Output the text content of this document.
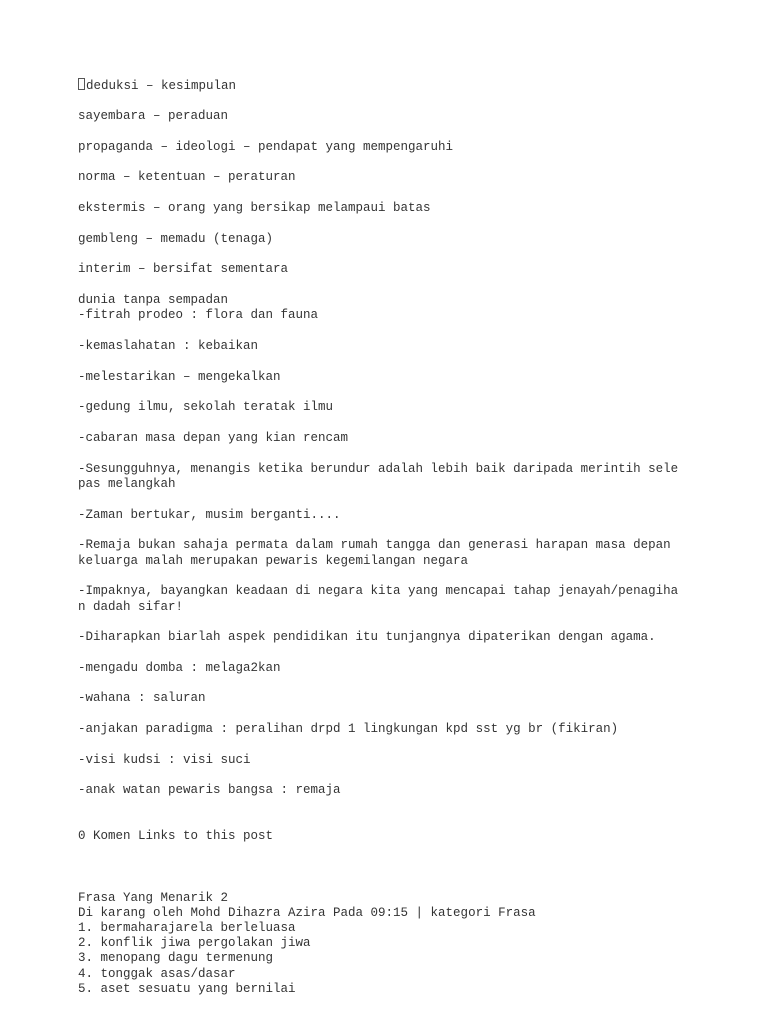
deduksi – kesimpulan
sayembara – peraduan
propaganda – ideologi – pendapat yang mempengaruhi
norma – ketentuan – peraturan
ekstermis – orang yang bersikap melampaui batas
gembleng – memadu (tenaga)
interim – bersifat sementara
dunia tanpa sempadan
-fitrah prodeo : flora dan fauna
-kemaslahatan : kebaikan
-melestarikan – mengekalkan
-gedung ilmu, sekolah teratak ilmu
-cabaran masa depan yang kian rencam
-Sesungguhnya, menangis ketika berundur adalah lebih baik daripada merintih sele
pas melangkah
-Zaman bertukar, musim berganti....
-Remaja bukan sahaja permata dalam rumah tangga dan generasi harapan masa depan
keluarga malah merupakan pewaris kegemilangan negara
-Impaknya, bayangkan keadaan di negara kita yang mencapai tahap jenayah/penagiha
n dadah sifar!
-Diharapkan biarlah aspek pendidikan itu tunjangnya dipaterikan dengan agama.
-mengadu domba : melaga2kan
-wahana : saluran
-anjakan paradigma : peralihan drpd 1 lingkungan kpd sst yg br (fikiran)
-visi kudsi : visi suci
-anak watan pewaris bangsa : remaja
0 Komen Links to this post
Frasa Yang Menarik 2
Di karang oleh Mohd Dihazra Azira Pada 09:15 | kategori Frasa
1. bermaharajarela berleluasa
2. konflik jiwa pergolakan jiwa
3. menopang dagu termenung
4. tonggak asas/dasar
5. aset sesuatu yang bernilai
